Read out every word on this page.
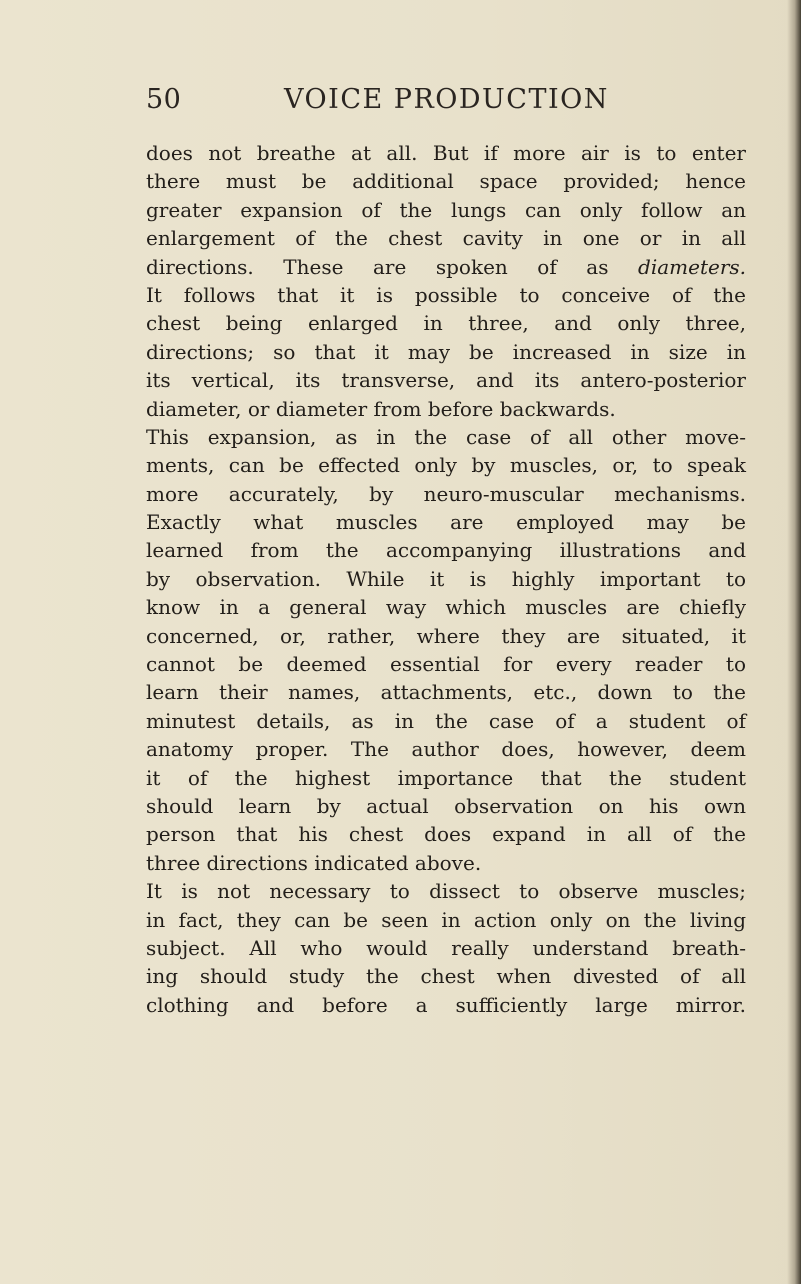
50	VOICE PRODUCTION
does not breathe at all. But if more air is to enter
there must be additional space provided; hence
greater expansion of the lungs can only follow an
enlargement of the chest cavity in one or in all
directions. These are spoken of as diameters.
It follows that it is possible to conceive of the
chest being enlarged in three, and only three,
directions; so that it may be increased in size in
its vertical, its transverse, and its antero-posterior
diameter, or diameter from before backwards.
This expansion, as in the case of all other move-
ments, can be effected only by muscles, or, to speak
more accurately, by neuro-muscular mechanisms.
Exactly what muscles are employed may be
learned from the accompanying illustrations and
by observation. While it is highly important to
know in a general way which muscles are chiefly
concerned, or, rather, where they are situated, it
cannot be deemed essential for every reader to
learn their names, attachments, etc., down to the
minutest details, as in the case of a student of
anatomy proper. The author does, however, deem
it of the highest importance that the student
should learn by actual observation on his own
person that his chest does expand in all of the
three directions indicated above.
It is not necessary to dissect to observe muscles;
in fact, they can be seen in action only on the living
subject. All who would really understand breath-
ing should study the chest when divested of all
clothing and before a sufficiently large mirror.
